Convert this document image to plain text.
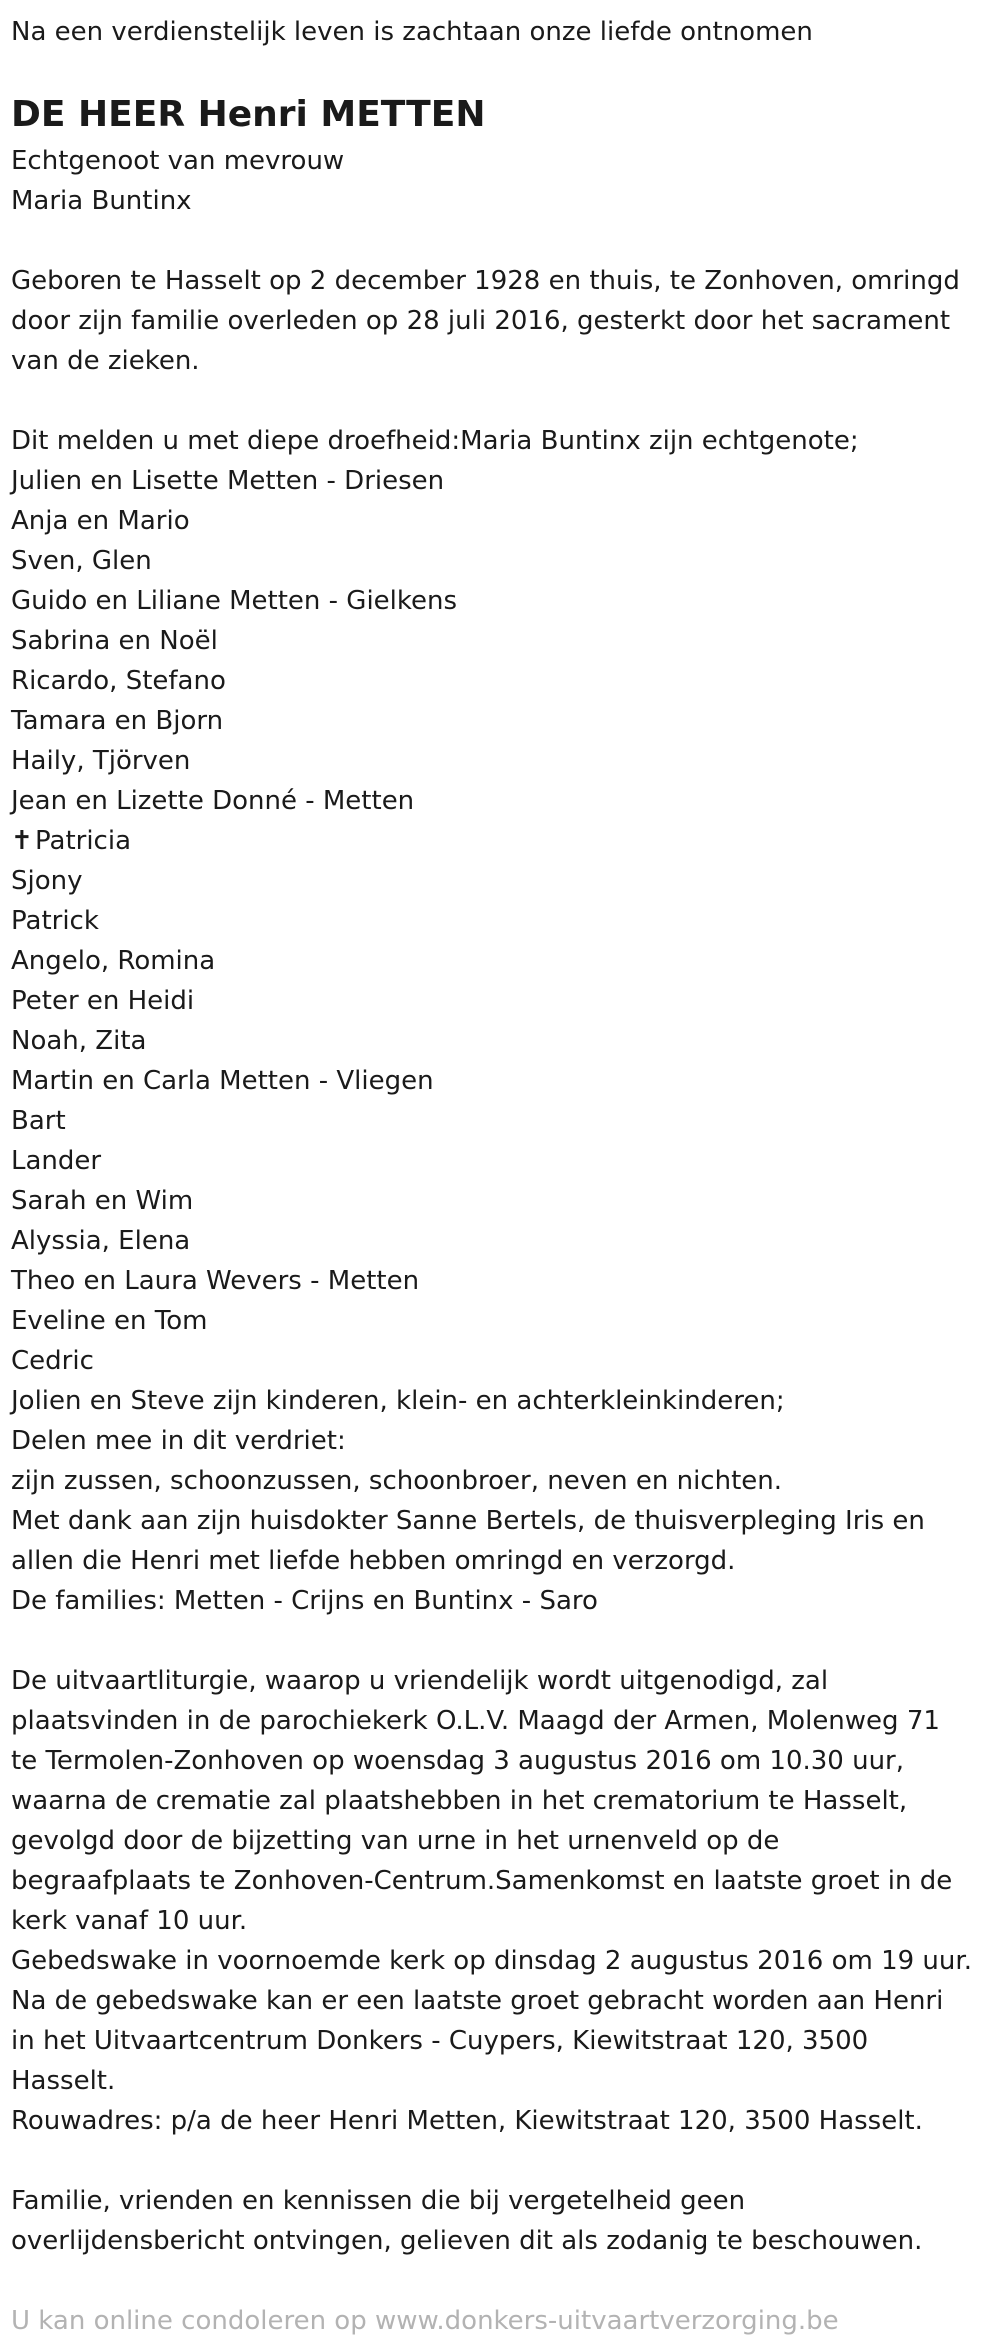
Na een verdienstelijk leven is zachtaan onze liefde ontnomen
DE HEER Henri METTEN
Echtgenoot van mevrouw
Maria Buntinx
Geboren te Hasselt op 2 december 1928 en thuis, te Zonhoven, omringd
door zijn familie overleden op 28 juli 2016, gesterkt door het sacrament
van de zieken.
Dit melden u met diepe droefheid:Maria Buntinx zijn echtgenote;
Julien en Lisette Metten - Driesen
Anja en Mario
Sven, Glen
Guido en Liliane Metten - Gielkens
Sabrina en Noël
Ricardo, Stefano
Tamara en Bjorn
Haily, Tjörven
Jean en Lizette Donné - Metten
✝Patricia
Sjony
Patrick
Angelo, Romina
Peter en Heidi
Noah, Zita
Martin en Carla Metten - Vliegen
Bart
Lander
Sarah en Wim
Alyssia, Elena
Theo en Laura Wevers - Metten
Eveline en Tom
Cedric
Jolien en Steve zijn kinderen, klein- en achterkleinkinderen;
Delen mee in dit verdriet:
zijn zussen, schoonzussen, schoonbroer, neven en nichten.
Met dank aan zijn huisdokter Sanne Bertels, de thuisverpleging Iris en
allen die Henri met liefde hebben omringd en verzorgd.
De families: Metten - Crijns en Buntinx - Saro
De uitvaartliturgie, waarop u vriendelijk wordt uitgenodigd, zal
plaatsvinden in de parochiekerk O.L.V. Maagd der Armen, Molenweg 71
te Termolen-Zonhoven op woensdag 3 augustus 2016 om 10.30 uur,
waarna de crematie zal plaatshebben in het crematorium te Hasselt,
gevolgd door de bijzetting van urne in het urnenveld op de
begraafplaats te Zonhoven-Centrum.Samenkomst en laatste groet in de
kerk vanaf 10 uur.
Gebedswake in voornoemde kerk op dinsdag 2 augustus 2016 om 19 uur.
Na de gebedswake kan er een laatste groet gebracht worden aan Henri
in het Uitvaartcentrum Donkers - Cuypers, Kiewitstraat 120, 3500
Hasselt.
Rouwadres: p/a de heer Henri Metten, Kiewitstraat 120, 3500 Hasselt.
Familie, vrienden en kennissen die bij vergetelheid geen
overlijdensbericht ontvingen, gelieven dit als zodanig te beschouwen.
U kan online condoleren op www.donkers-uitvaartverzorging.be
